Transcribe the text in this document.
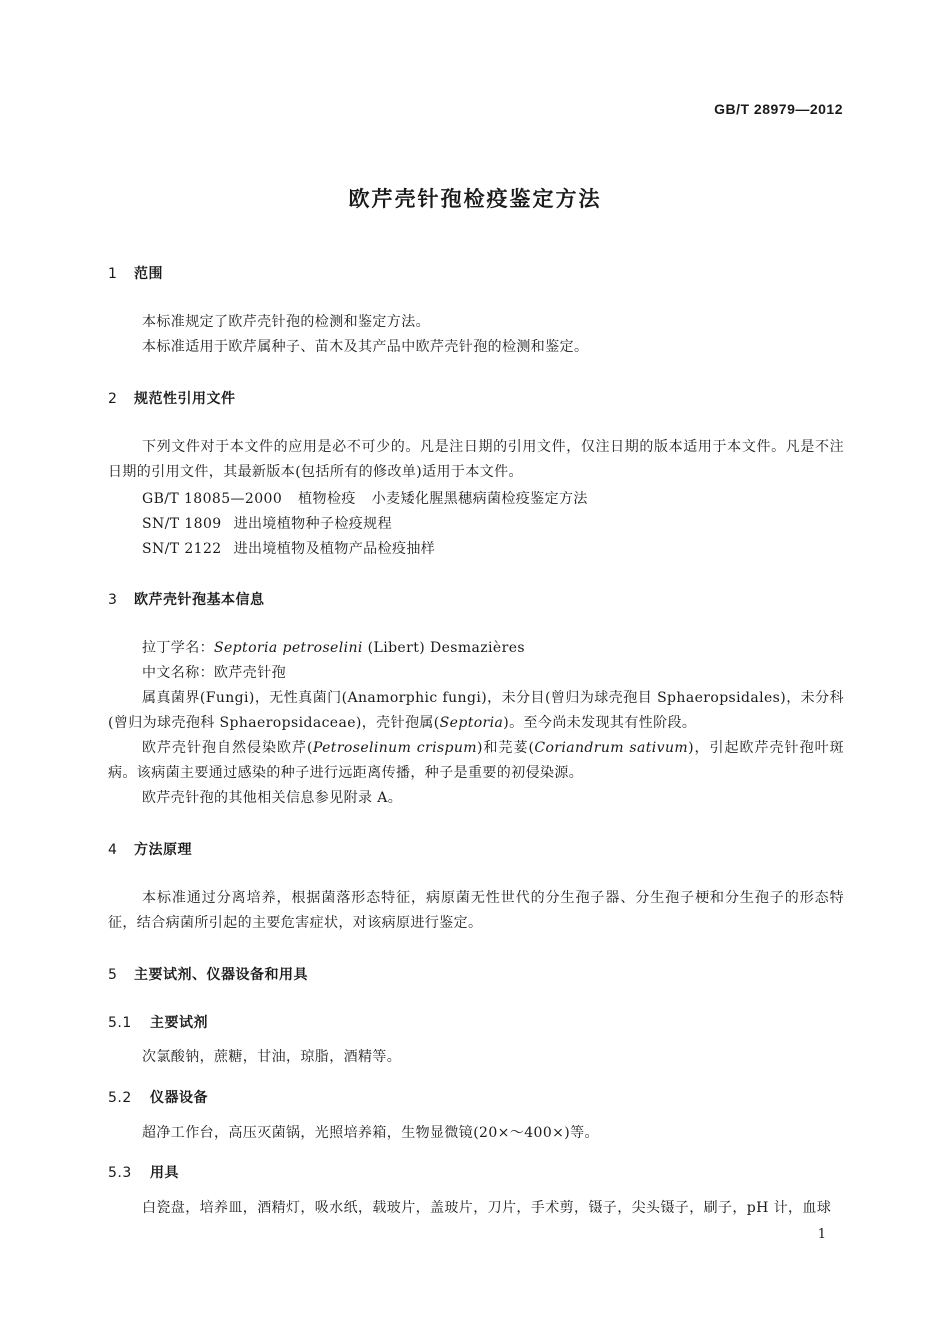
GB/T 28979—2012
欧芹壳针孢检疫鉴定方法
1 范围

本标准规定了欧芹壳针孢的检测和鉴定方法。

本标准适用于欧芹属种子、苗木及其产品中欧芹壳针孢的检测和鉴定。

2 规范性引用文件

下列文件对于本文件的应用是必不可少的。凡是注日期的引用文件，仅注日期的版本适用于本文件。凡是不注日期的引用文件，其最新版本(包括所有的修改单)适用于本文件。

GB/T 18085—2000 植物检疫 小麦矮化腥黑穗病菌检疫鉴定方法
SN/T 1809 进出境植物种子检疫规程
SN/T 2122 进出境植物及植物产品检疫抽样
3 欧芹壳针孢基本信息

拉丁学名：Septoria petroselini (Libert) Desmazières

中文名称：欧芹壳针孢

属真菌界(Fungi)，无性真菌门(Anamorphic fungi)，未分目(曾归为球壳孢目 Sphaeropsidales)，未分科(曾归为球壳孢科 Sphaeropsidaceae)，壳针孢属(Septoria)。至今尚未发现其有性阶段。

欧芹壳针孢自然侵染欧芹(Petroselinum crispum)和芫荽(Coriandrum sativum)，引起欧芹壳针孢叶斑病。该病菌主要通过感染的种子进行远距离传播，种子是重要的初侵染源。

欧芹壳针孢的其他相关信息参见附录 A。

4 方法原理

本标准通过分离培养，根据菌落形态特征，病原菌无性世代的分生孢子器、分生孢子梗和分生孢子的形态特征，结合病菌所引起的主要危害症状，对该病原进行鉴定。

5 主要试剂、仪器设备和用具
5.1 主要试剂

次氯酸钠，蔗糖，甘油，琼脂，酒精等。

5.2 仪器设备

超净工作台，高压灭菌锅，光照培养箱，生物显微镜(20×～400×)等。

5.3 用具

白瓷盘，培养皿，酒精灯，吸水纸，载玻片，盖玻片，刀片，手术剪，镊子，尖头镊子，刷子，pH 计，血球

1
